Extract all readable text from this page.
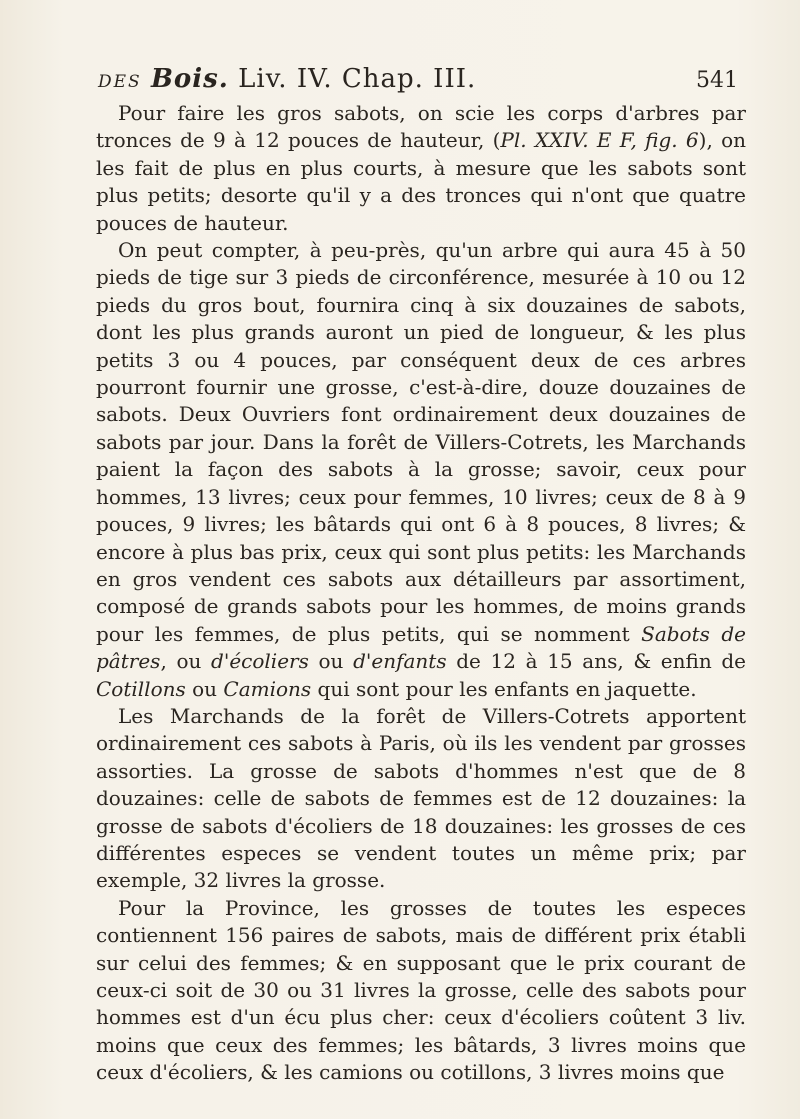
DES Bois. Liv. IV. Chap. III.	541

Pour faire les gros sabots, on scie les corps d'arbres par tronces de 9 à 12 pouces de hauteur, (Pl. XXIV. E F, fig. 6), on les fait de plus en plus courts, à mesure que les sabots sont plus petits; desorte qu'il y a des tronces qui n'ont que quatre pouces de hauteur.

On peut compter, à peu-près, qu'un arbre qui aura 45 à 50 pieds de tige sur 3 pieds de circonférence, mesurée à 10 ou 12 pieds du gros bout, fournira cinq à six douzaines de sabots, dont les plus grands auront un pied de longueur, & les plus petits 3 ou 4 pouces, par conséquent deux de ces arbres pourront fournir une grosse, c'est-à-dire, douze douzaines de sabots. Deux Ouvriers font ordinairement deux douzaines de sabots par jour. Dans la forêt de Villers-Cotrets, les Marchands paient la façon des sabots à la grosse; savoir, ceux pour hommes, 13 livres; ceux pour femmes, 10 livres; ceux de 8 à 9 pouces, 9 livres; les bâtards qui ont 6 à 8 pouces, 8 livres; & encore à plus bas prix, ceux qui sont plus petits: les Marchands en gros vendent ces sabots aux détailleurs par assortiment, composé de grands sabots pour les hommes, de moins grands pour les femmes, de plus petits, qui se nomment Sabots de pâtres, ou d'écoliers ou d'enfants de 12 à 15 ans, & enfin de Cotillons ou Camions qui sont pour les enfants en jaquette.

Les Marchands de la forêt de Villers-Cotrets apportent ordinairement ces sabots à Paris, où ils les vendent par grosses assorties. La grosse de sabots d'hommes n'est que de 8 douzaines: celle de sabots de femmes est de 12 douzaines: la grosse de sabots d'écoliers de 18 douzaines: les grosses de ces différentes especes se vendent toutes un même prix; par exemple, 32 livres la grosse.

Pour la Province, les grosses de toutes les especes contiennent 156 paires de sabots, mais de différent prix établi sur celui des femmes; & en supposant que le prix courant de ceux-ci soit de 30 ou 31 livres la grosse, celle des sabots pour hommes est d'un écu plus cher: ceux d'écoliers coûtent 3 liv. moins que ceux des femmes; les bâtards, 3 livres moins que ceux d'écoliers, & les camions ou cotillons, 3 livres moins que
